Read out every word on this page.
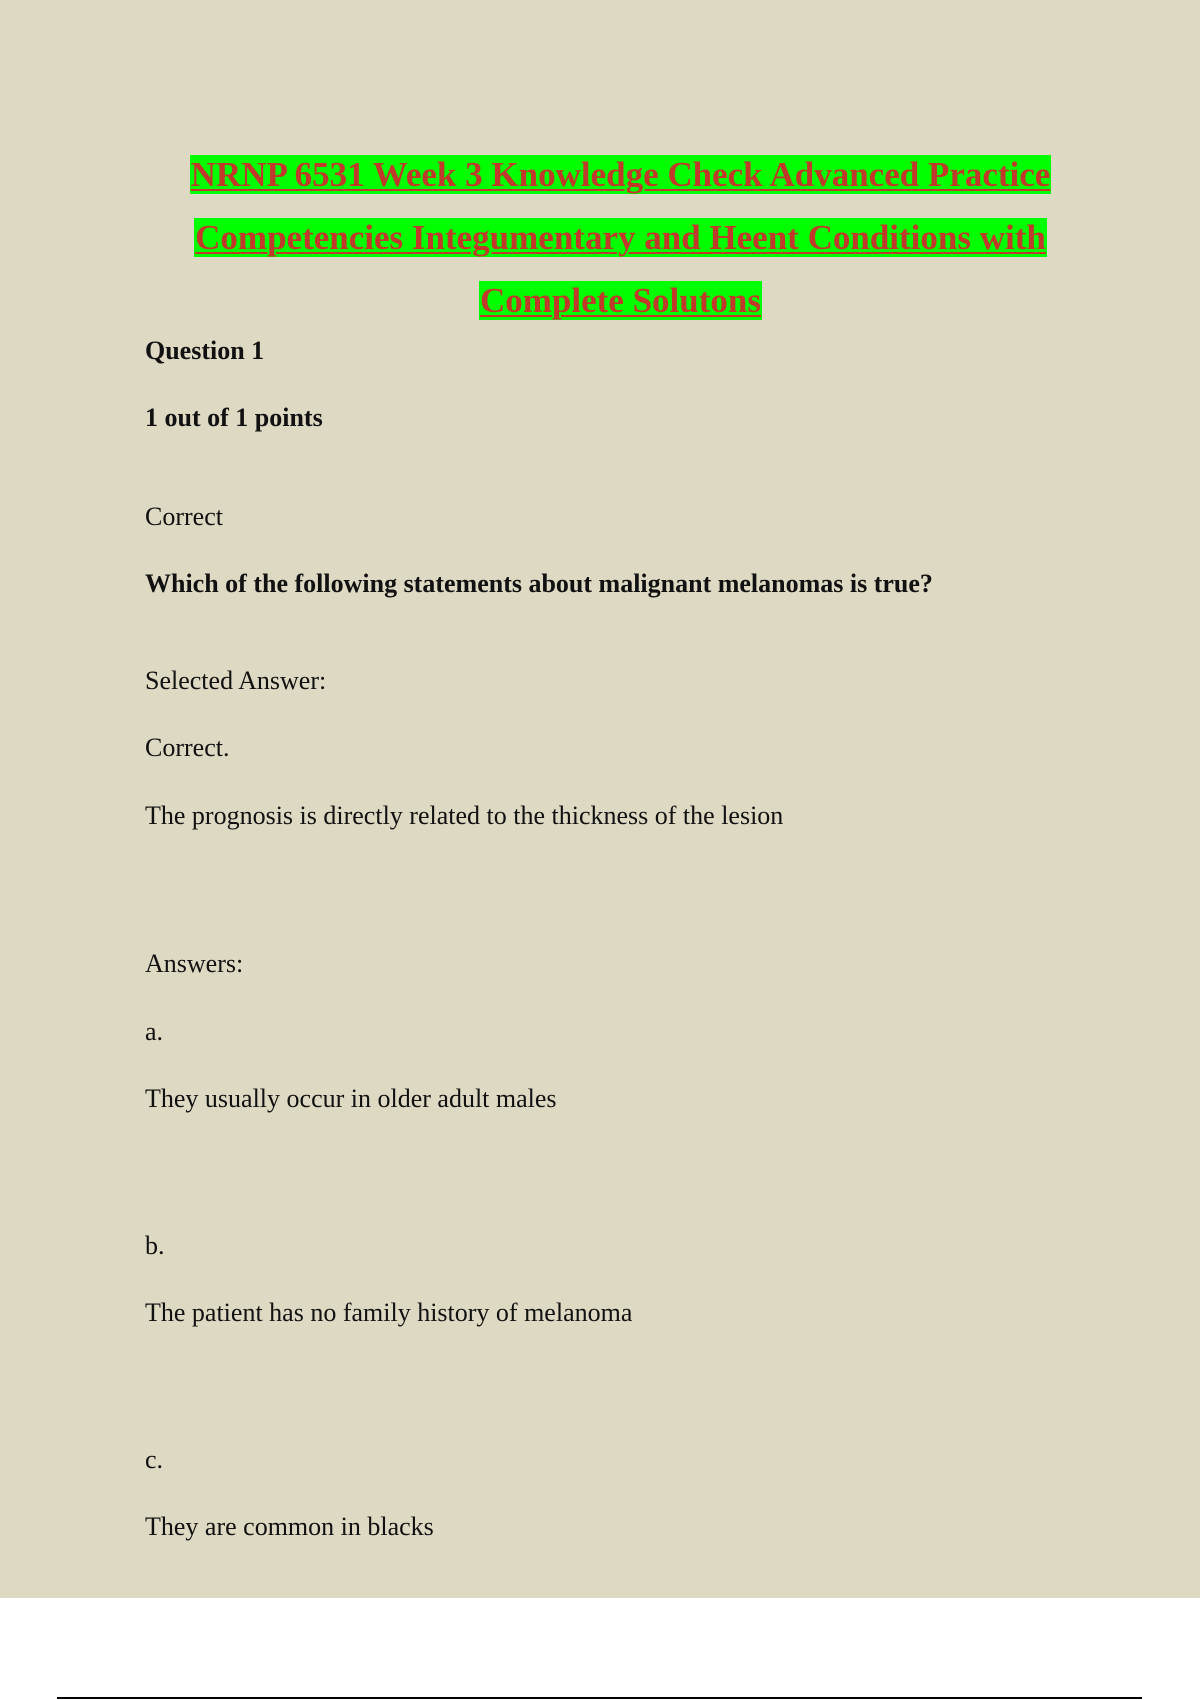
NRNP 6531 Week 3 Knowledge Check Advanced Practice
Competencies Integumentary and Heent Conditions with
Complete Solutons
Question 1
1 out of 1 points
Correct
Which of the following statements about malignant melanomas is true?
Selected Answer:
Correct.
The prognosis is directly related to the thickness of the lesion
Answers:
a.
They usually occur in older adult males
b.
The patient has no family history of melanoma
c.
They are common in blacks
